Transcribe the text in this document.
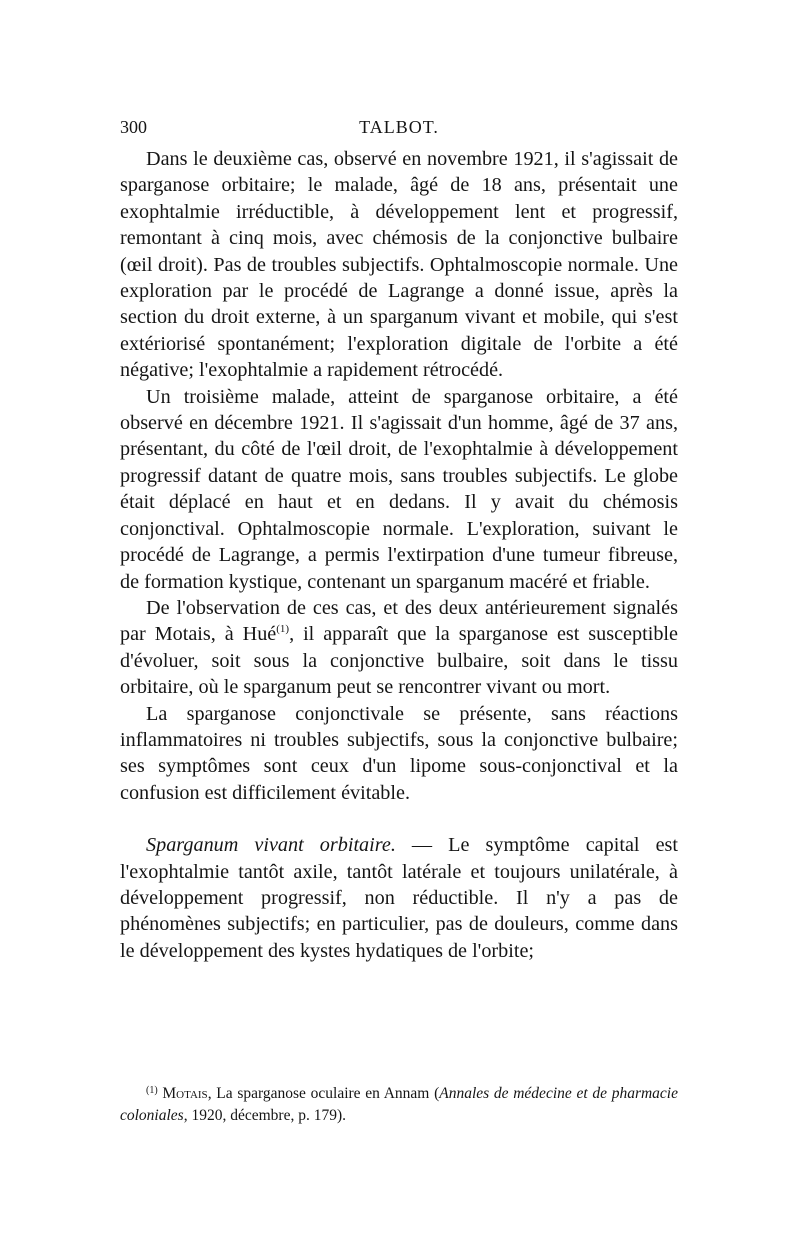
300	TALBOT.

Dans le deuxième cas, observé en novembre 1921, il s'agissait de sparganose orbitaire; le malade, âgé de 18 ans, présentait une exophtalmie irréductible, à développement lent et progressif, remontant à cinq mois, avec chémosis de la conjonctive bulbaire (œil droit). Pas de troubles subjectifs. Ophtalmoscopie normale. Une exploration par le procédé de Lagrange a donné issue, après la section du droit externe, à un sparganum vivant et mobile, qui s'est extériorisé spontanément; l'exploration digitale de l'orbite a été négative; l'exophtalmie a rapidement rétrocédé.

Un troisième malade, atteint de sparganose orbitaire, a été observé en décembre 1921. Il s'agissait d'un homme, âgé de 37 ans, présentant, du côté de l'œil droit, de l'exophtalmie à développement progressif datant de quatre mois, sans troubles subjectifs. Le globe était déplacé en haut et en dedans. Il y avait du chémosis conjonctival. Ophtalmoscopie normale. L'exploration, suivant le procédé de Lagrange, a permis l'extirpation d'une tumeur fibreuse, de formation kystique, contenant un sparganum macéré et friable.

De l'observation de ces cas, et des deux antérieurement signalés par Motais, à Hué$^{(1)}$, il apparaît que la sparganose est susceptible d'évoluer, soit sous la conjonctive bulbaire, soit dans le tissu orbitaire, où le sparganum peut se rencontrer vivant ou mort.

La sparganose conjonctivale se présente, sans réactions inflammatoires ni troubles subjectifs, sous la conjonctive bulbaire; ses symptômes sont ceux d'un lipome sous-conjonctival et la confusion est difficilement évitable.

Sparganum vivant orbitaire. — Le symptôme capital est l'exophtalmie tantôt axile, tantôt latérale et toujours unilatérale, à développement progressif, non réductible. Il n'y a pas de phénomènes subjectifs; en particulier, pas de douleurs, comme dans le développement des kystes hydatiques de l'orbite;

$^{(1)}$ Motais, La sparganose oculaire en Annam (Annales de médecine et de pharmacie coloniales, 1920, décembre, p. 179).
